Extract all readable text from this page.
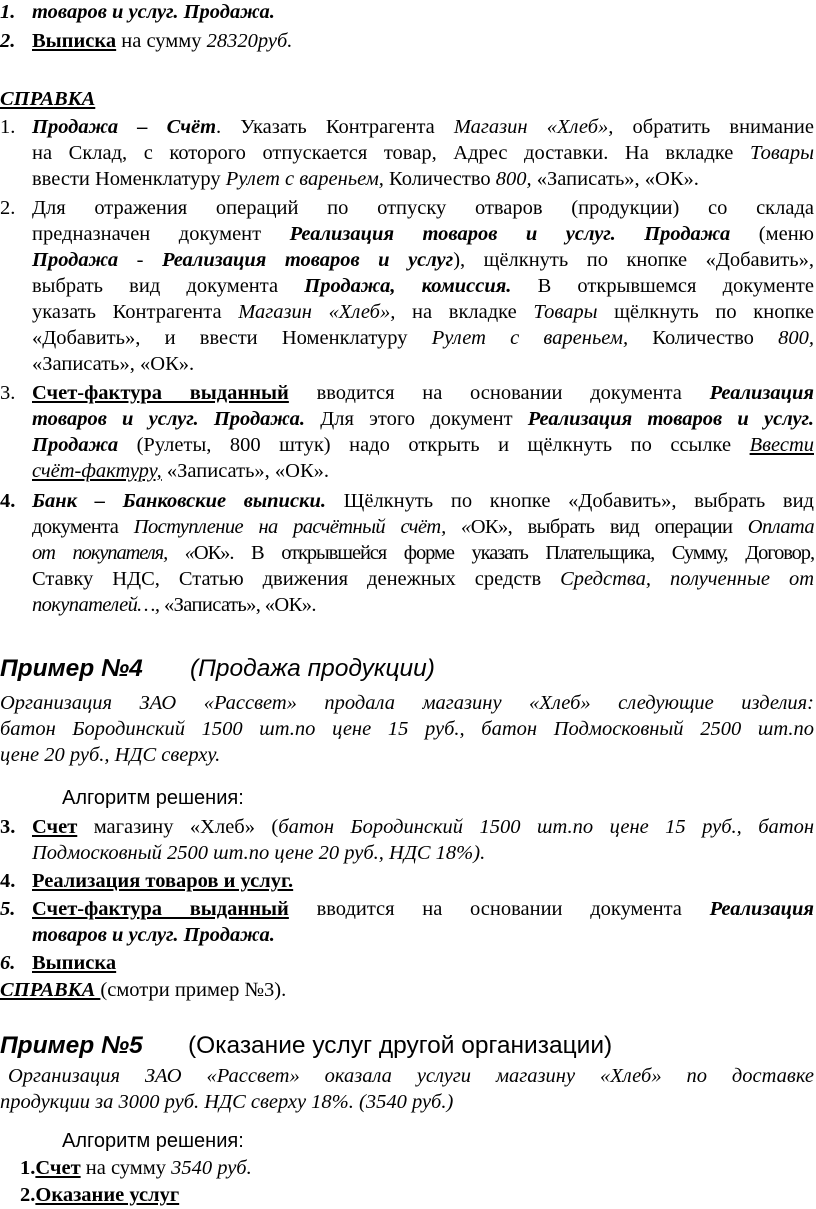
1. товаров и услуг. Продажа.
2. Выписка на сумму 28320руб.
СПРАВКА
1. Продажа – Счёт. Указать Контрагента Магазин «Хлеб», обратить внимание
на Склад, с которого отпускается товар, Адрес доставки. На вкладке Товары
ввести Номенклатуру Рулет с вареньем, Количество 800, «Записать», «ОК».
2. Для отражения операций по отпуску отваров (продукции) со склада
предназначен документ Реализация товаров и услуг. Продажа (меню
Продажа - Реализация товаров и услуг), щёлкнуть по кнопке «Добавить»,
выбрать вид документа Продажа, комиссия. В открывшемся документе
указать Контрагента Магазин «Хлеб», на вкладке Товары щёлкнуть по кнопке
«Добавить», и ввести Номенклатуру Рулет с вареньем, Количество 800,
«Записать», «ОК».
3. Счет-фактура выданный вводится на основании документа Реализация
товаров и услуг. Продажа. Для этого документ Реализация товаров и услуг.
Продажа (Рулеты, 800 штук) надо открыть и щёлкнуть по ссылке Ввести
счёт-фактуру, «Записать», «ОК».
4. Банк – Банковские выписки. Щёлкнуть по кнопке «Добавить», выбрать вид
документа Поступление на расчётный счёт, «ОК», выбрать вид операции Оплата
от покупателя, «ОК». В открывшейся форме указать Плательщика, Сумму, Договор,
Ставку НДС, Статью движения денежных средств Средства, полученные от
покупателей…, «Записать», «ОК».
Пример №4 (Продажа продукции)
Организация ЗАО «Рассвет» продала магазину «Хлеб» следующие изделия:
батон Бородинский 1500 шт.по цене 15 руб., батон Подмосковный 2500 шт.по
цене 20 руб., НДС сверху.
Алгоритм решения:
3. Счет магазину «Хлеб» (батон Бородинский 1500 шт.по цене 15 руб., батон
Подмосковный 2500 шт.по цене 20 руб., НДС 18%).
4. Реализация товаров и услуг.
5. Счет-фактура выданный вводится на основании документа Реализация
товаров и услуг. Продажа.
6. Выписка
СПРАВКА (смотри пример №3).
Пример №5 (Оказание услуг другой организации)
Организация ЗАО «Рассвет» оказала услуги магазину «Хлеб» по доставке
продукции за 3000 руб. НДС сверху 18%. (3540 руб.)
Алгоритм решения:
1.Счет на сумму 3540 руб.
2.Оказание услуг
